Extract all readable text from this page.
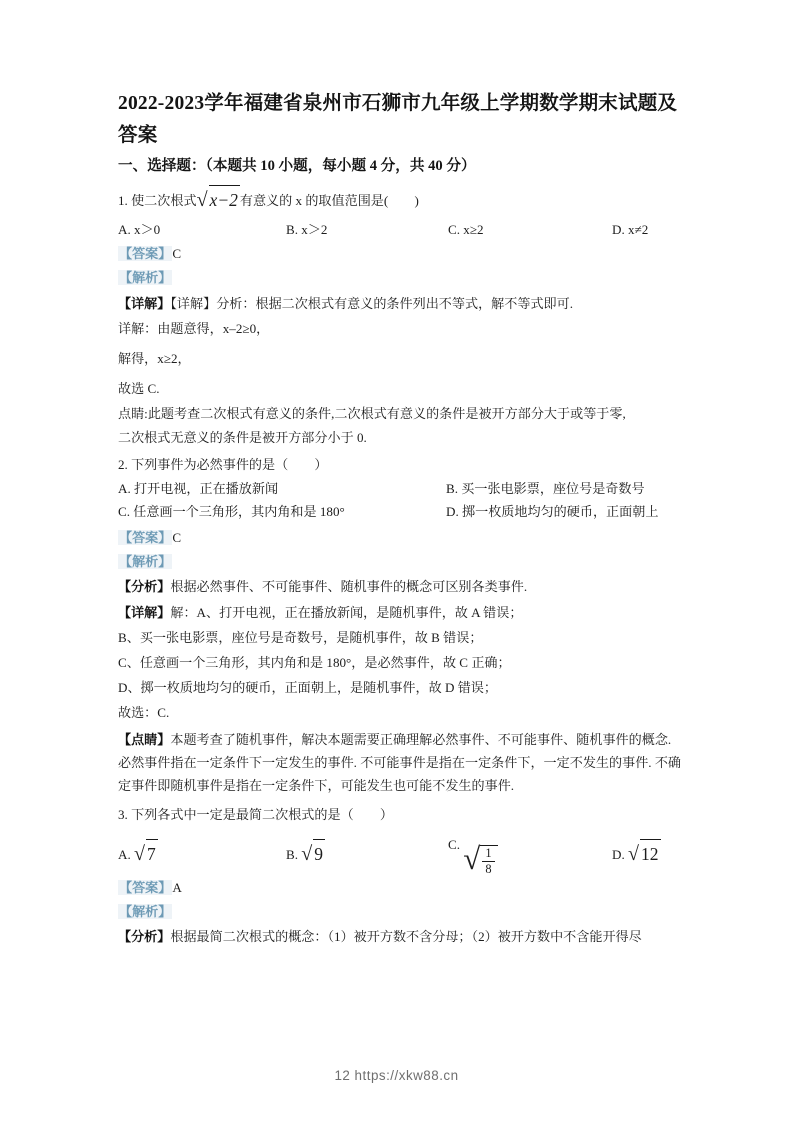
2022-2023学年福建省泉州市石狮市九年级上学期数学期末试题及答案
一、选择题：（本题共 10 小题，每小题 4 分，共 40 分）
1. 使二次根式√ x−2 有意义的 x 的取值范围是(　　)
A. x＞0	B. x＞2	C. x≥2	D. x≠2
【答案】C
【解析】
【详解】【详解】分析：根据二次根式有意义的条件列出不等式，解不等式即可.
详解：由题意得，x–2≥0，
解得，x≥2，
故选 C.
点睛:此题考查二次根式有意义的条件,二次根式有意义的条件是被开方部分大于或等于零,
二次根式无意义的条件是被开方部分小于 0.
2. 下列事件为必然事件的是（　　）
A. 打开电视，正在播放新闻	B. 买一张电影票，座位号是奇数号
C. 任意画一个三角形，其内角和是 180°	D. 掷一枚质地均匀的硬币，正面朝上
【答案】C
【解析】
【分析】根据必然事件、不可能事件、随机事件的概念可区别各类事件.
【详解】解：A、打开电视，正在播放新闻，是随机事件，故 A 错误；
B、买一张电影票，座位号是奇数号，是随机事件，故 B 错误；
C、任意画一个三角形，其内角和是 180°，是必然事件，故 C 正确；
D、掷一枚质地均匀的硬币，正面朝上，是随机事件，故 D 错误；
故选：C.
【点睛】本题考查了随机事件，解决本题需要正确理解必然事件、不可能事件、随机事件的概念. 必然事件指在一定条件下一定发生的事件. 不可能事件是指在一定条件下，一定不发生的事件. 不确定事件即随机事件是指在一定条件下，可能发生也可能不发生的事件.
3. 下列各式中一定是最简二次根式的是（　　）
A. √ 7	B. √ 9	C. √ $\frac{1}{8}$	D. √ 12
【答案】A
【解析】
【分析】根据最简二次根式的概念：（1）被开方数不含分母；（2）被开方数中不含能开得尽
12 https://xkw88.cn
